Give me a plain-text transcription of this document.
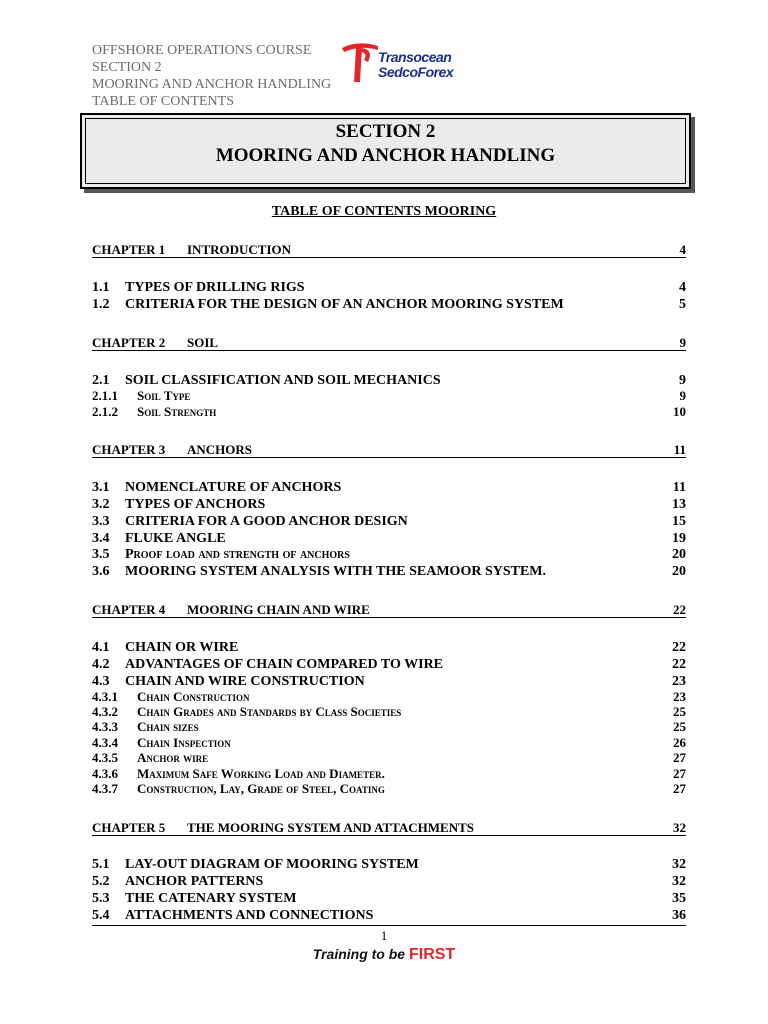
OFFSHORE OPERATIONS COURSE
SECTION 2
MOORING AND ANCHOR HANDLING
TABLE OF CONTENTS
Transocean
SedcoForex
SECTION 2
MOORING AND ANCHOR HANDLING
TABLE OF CONTENTS MOORING
CHAPTER 1	INTRODUCTION	4
1.1	TYPES OF DRILLING RIGS	4
1.2	CRITERIA FOR THE DESIGN OF AN ANCHOR MOORING SYSTEM	5
CHAPTER 2	SOIL	9
2.1	SOIL CLASSIFICATION AND SOIL MECHANICS	9
2.1.1	Soil Type	9
2.1.2	Soil Strength	10
CHAPTER 3	ANCHORS	11
3.1	NOMENCLATURE OF ANCHORS	11
3.2	TYPES OF ANCHORS	13
3.3	CRITERIA FOR A GOOD ANCHOR DESIGN	15
3.4	FLUKE ANGLE	19
3.5	Proof load and strength of anchors	20
3.6	MOORING SYSTEM ANALYSIS WITH THE SEAMOOR SYSTEM.	20
CHAPTER 4	MOORING CHAIN AND WIRE	22
4.1	CHAIN OR WIRE	22
4.2	ADVANTAGES OF CHAIN COMPARED TO WIRE	22
4.3	CHAIN AND WIRE CONSTRUCTION	23
4.3.1	Chain Construction	23
4.3.2	Chain Grades and Standards by Class Societies	25
4.3.3	Chain sizes	25
4.3.4	Chain Inspection	26
4.3.5	Anchor wire	27
4.3.6	Maximum Safe Working Load and Diameter.	27
4.3.7	Construction, Lay, Grade of Steel, Coating	27
CHAPTER 5	THE MOORING SYSTEM AND ATTACHMENTS	32
5.1	LAY-OUT DIAGRAM OF MOORING SYSTEM	32
5.2	ANCHOR PATTERNS	32
5.3	THE CATENARY SYSTEM	35
5.4	ATTACHMENTS AND CONNECTIONS	36
1
Training to be FIRST
